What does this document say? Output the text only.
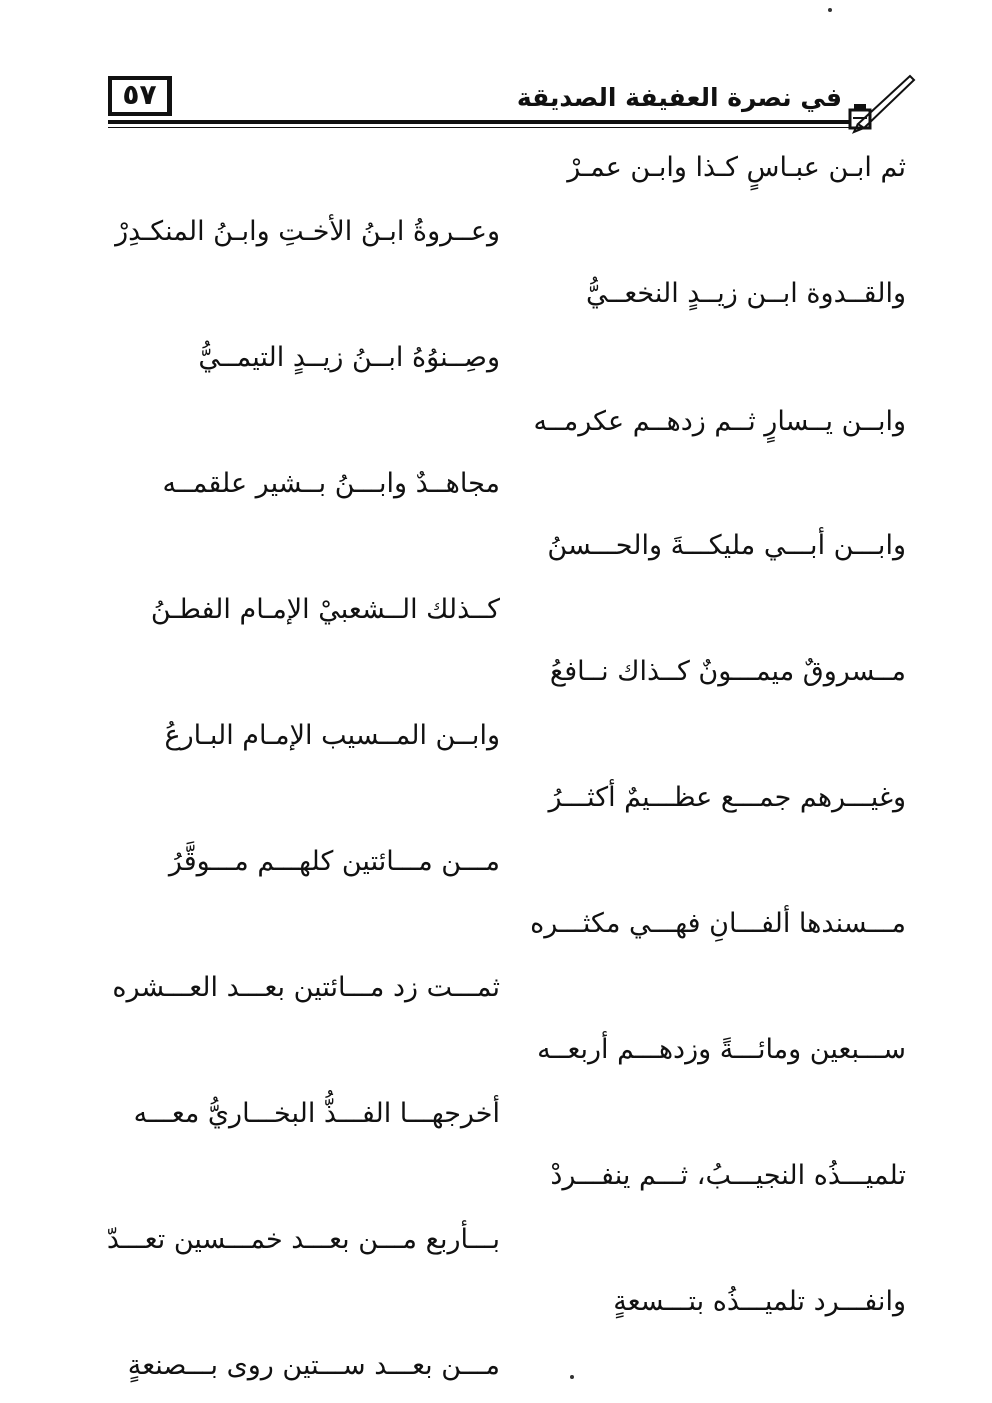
٥٧	في نصرة العفيفة الصديقة
ثم ابـن عبـاسٍ كـذا وابـن عمـرْ
وعــروةُ ابـنُ الأخـتِ وابـنُ المنكـدِرْ
والقــدوة ابــن زيــدٍ النخعــيُّ
وصِــنوُهُ ابــنُ زيــدٍ التيمــيُّ
وابــن يــسارٍ ثــم زدهــم عكرمــه
مجاهــدٌ وابـــنُ بــشير علقمــه
وابـــن أبـــي مليكـــةَ والحـــسنُ
كــذلك الــشعبيْ الإمـام الفطـنُ
مــسروقٌ ميمـــونٌ كــذاك نــافعُ
وابــن المــسيب الإمـام البـارعُ
وغيـــرهم جمـــع عظـــيمٌ أكثـــرُ
مـــن مـــائتين كلهـــم مـــوقَّرُ
مـــسندها ألفـــانِ فهـــي مكثـــره
ثمـــت زد مـــائتين بعـــد العـــشره
ســـبعين ومائـــةً وزدهـــم أربعــه
أخرجهـــا الفـــذُّ البخـــاريُّ معـــه
تلميـــذُه النجيـــبُ، ثـــم ينفـــردْ
بـــأربع مـــن بعـــد خمـــسين تعـــدّ
وانفـــرد تلميـــذُه بتـــسعةٍ
مـــن بعـــد ســـتين روى بـــصنعةٍ
